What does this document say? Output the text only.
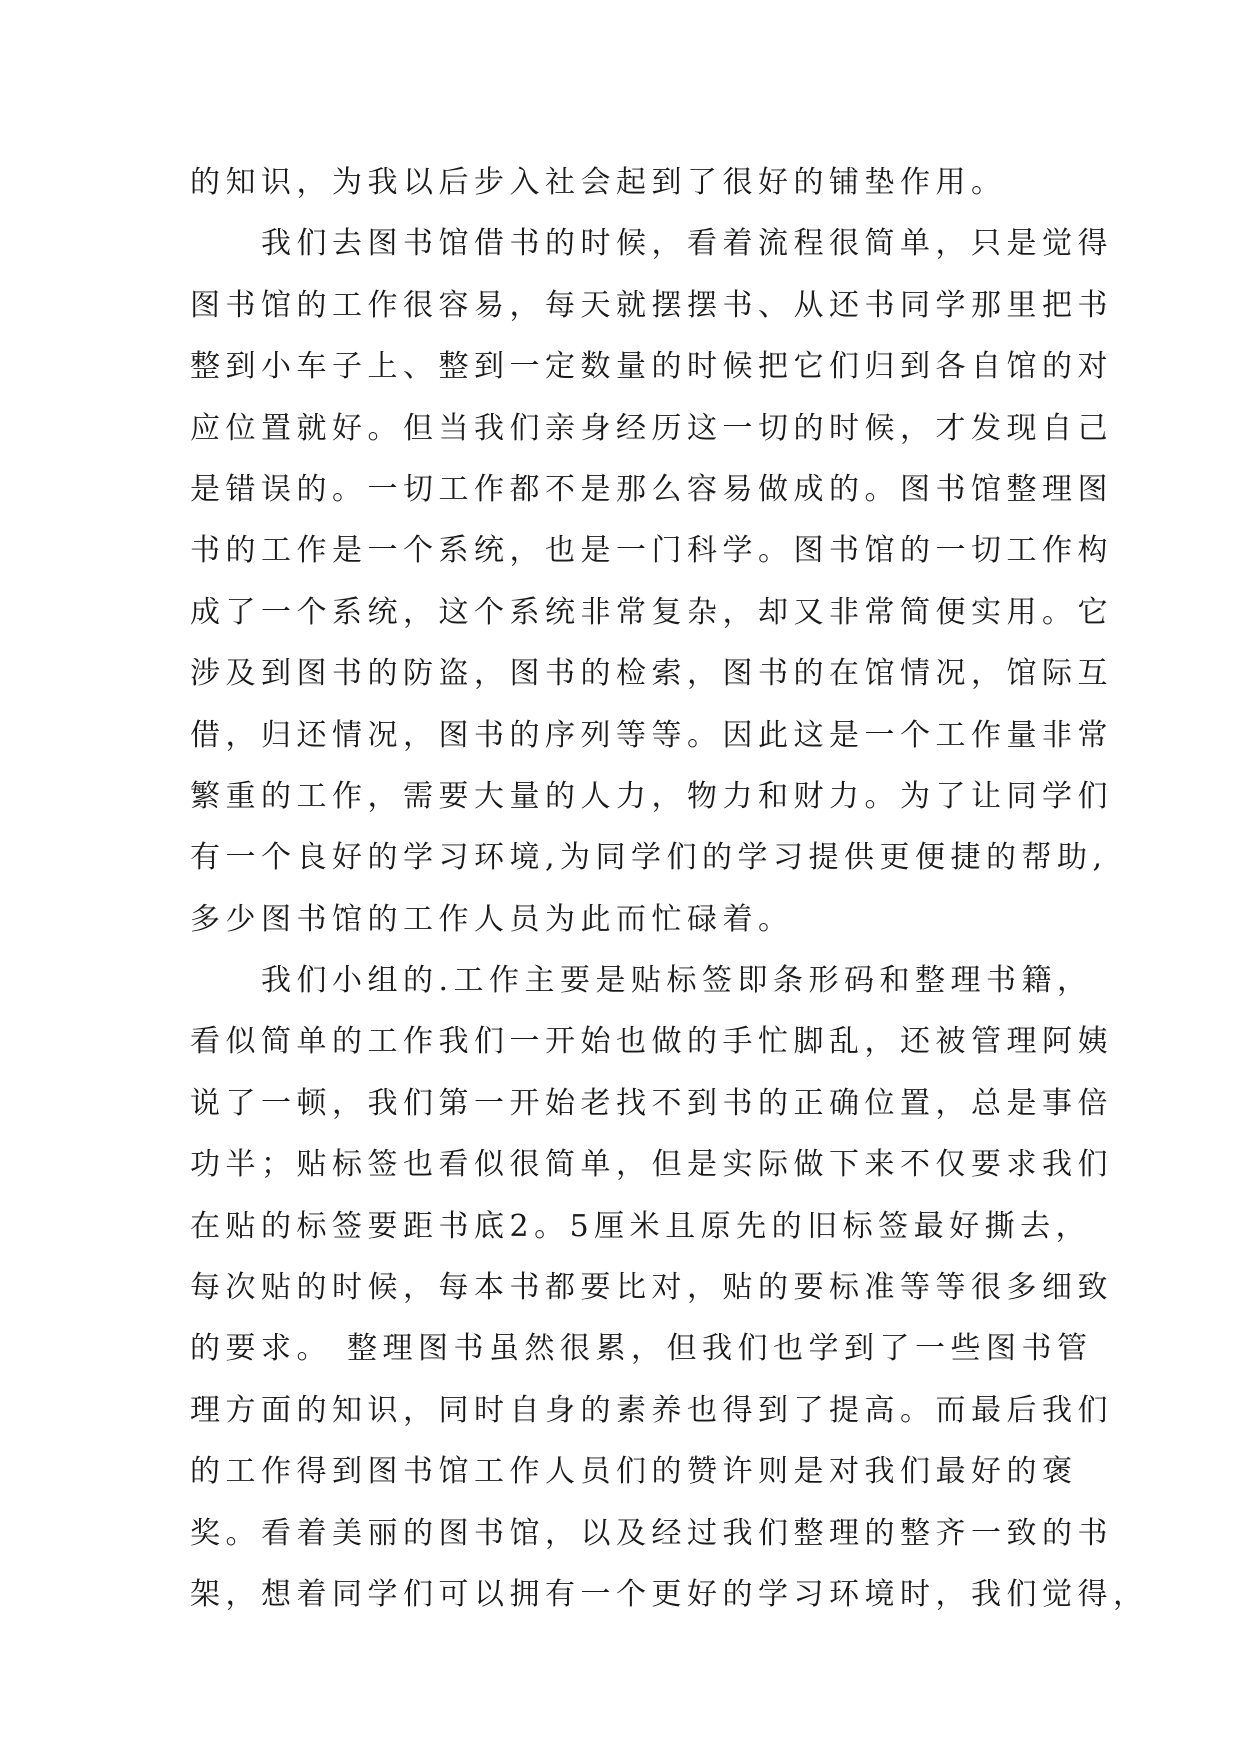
的知识，为我以后步入社会起到了很好的铺垫作用。
　　我们去图书馆借书的时候，看着流程很简单，只是觉得
图书馆的工作很容易，每天就摆摆书、从还书同学那里把书
整到小车子上、整到一定数量的时候把它们归到各自馆的对
应位置就好。但当我们亲身经历这一切的时候，才发现自己
是错误的。一切工作都不是那么容易做成的。图书馆整理图
书的工作是一个系统，也是一门科学。图书馆的一切工作构
成了一个系统，这个系统非常复杂，却又非常简便实用。它
涉及到图书的防盗，图书的检索，图书的在馆情况，馆际互
借，归还情况，图书的序列等等。因此这是一个工作量非常
繁重的工作，需要大量的人力，物力和财力。为了让同学们
有一个良好的学习环境,为同学们的学习提供更便捷的帮助,
多少图书馆的工作人员为此而忙碌着。
　　我们小组的.工作主要是贴标签即条形码和整理书籍，
看似简单的工作我们一开始也做的手忙脚乱，还被管理阿姨
说了一顿，我们第一开始老找不到书的正确位置，总是事倍
功半；贴标签也看似很简单，但是实际做下来不仅要求我们
在贴的标签要距书底2。5厘米且原先的旧标签最好撕去，
每次贴的时候，每本书都要比对，贴的要标准等等很多细致
的要求。 整理图书虽然很累，但我们也学到了一些图书管
理方面的知识，同时自身的素养也得到了提高。而最后我们
的工作得到图书馆工作人员们的赞许则是对我们最好的褒
奖。看着美丽的图书馆，以及经过我们整理的整齐一致的书
架，想着同学们可以拥有一个更好的学习环境时，我们觉得，
